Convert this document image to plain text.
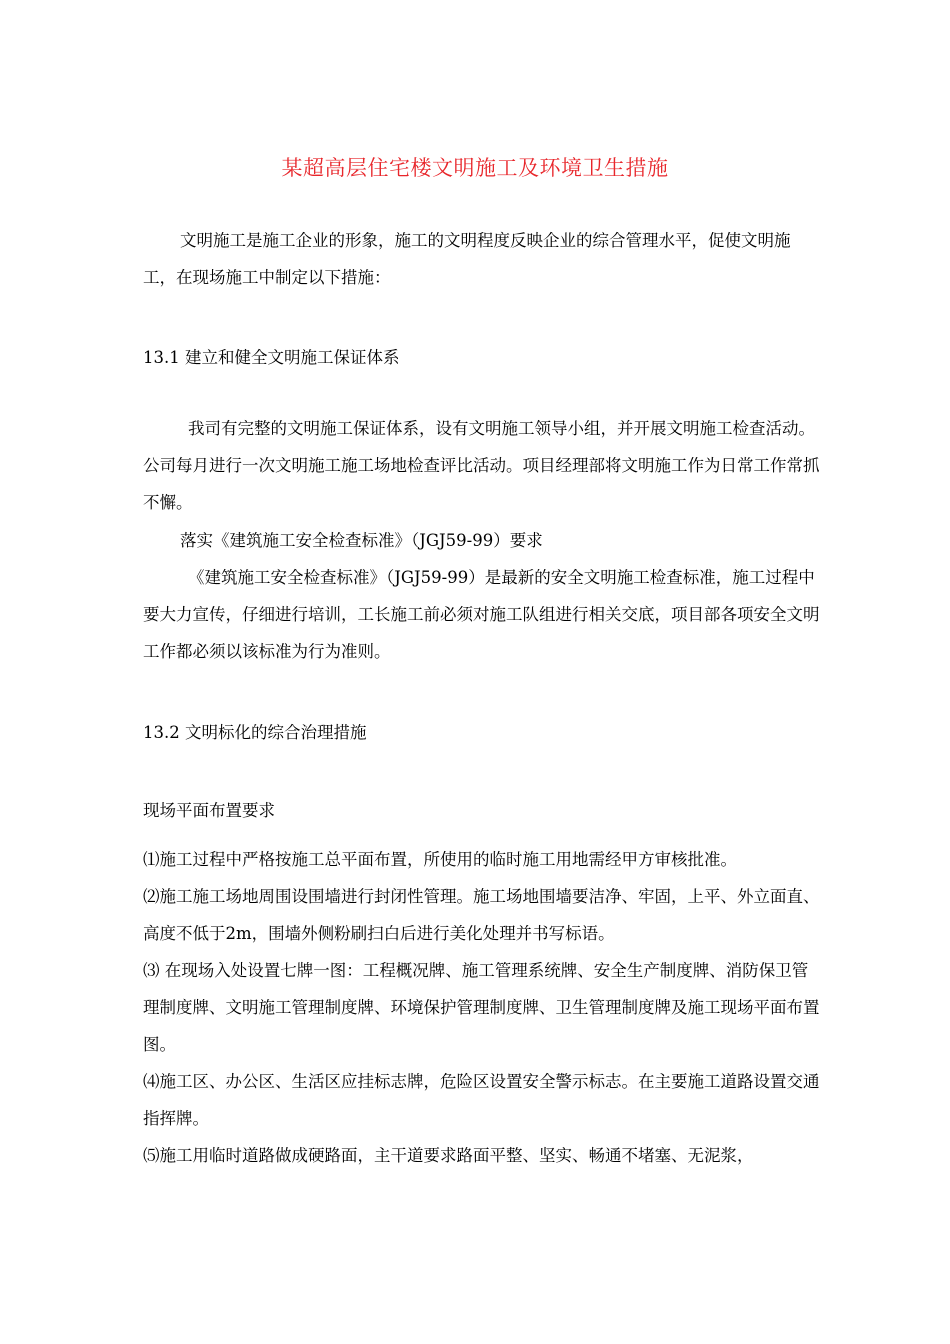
某超高层住宅楼文明施工及环境卫生措施

文明施工是施工企业的形象，施工的文明程度反映企业的综合管理水平，促使文明施工，在现场施工中制定以下措施：

13.1 建立和健全文明施工保证体系

我司有完整的文明施工保证体系，设有文明施工领导小组，并开展文明施工检查活动。公司每月进行一次文明施工施工场地检查评比活动。项目经理部将文明施工作为日常工作常抓不懈。

落实《建筑施工安全检查标准》（JGJ59-99）要求

《建筑施工安全检查标准》（JGJ59-99）是最新的安全文明施工检查标准，施工过程中要大力宣传，仔细进行培训，工长施工前必须对施工队组进行相关交底，项目部各项安全文明工作都必须以该标准为行为准则。

13.2 文明标化的综合治理措施
现场平面布置要求

⑴施工过程中严格按施工总平面布置，所使用的临时施工用地需经甲方审核批准。

⑵施工施工场地周围设围墙进行封闭性管理。施工场地围墙要洁净、牢固，上平、外立面直、高度不低于2m，围墙外侧粉刷扫白后进行美化处理并书写标语。

⑶ 在现场入处设置七牌一图：工程概况牌、施工管理系统牌、安全生产制度牌、消防保卫管理制度牌、文明施工管理制度牌、环境保护管理制度牌、卫生管理制度牌及施工现场平面布置图。

⑷施工区、办公区、生活区应挂标志牌，危险区设置安全警示标志。在主要施工道路设置交通指挥牌。

⑸施工用临时道路做成硬路面，主干道要求路面平整、坚实、畅通不堵塞、无泥浆，
